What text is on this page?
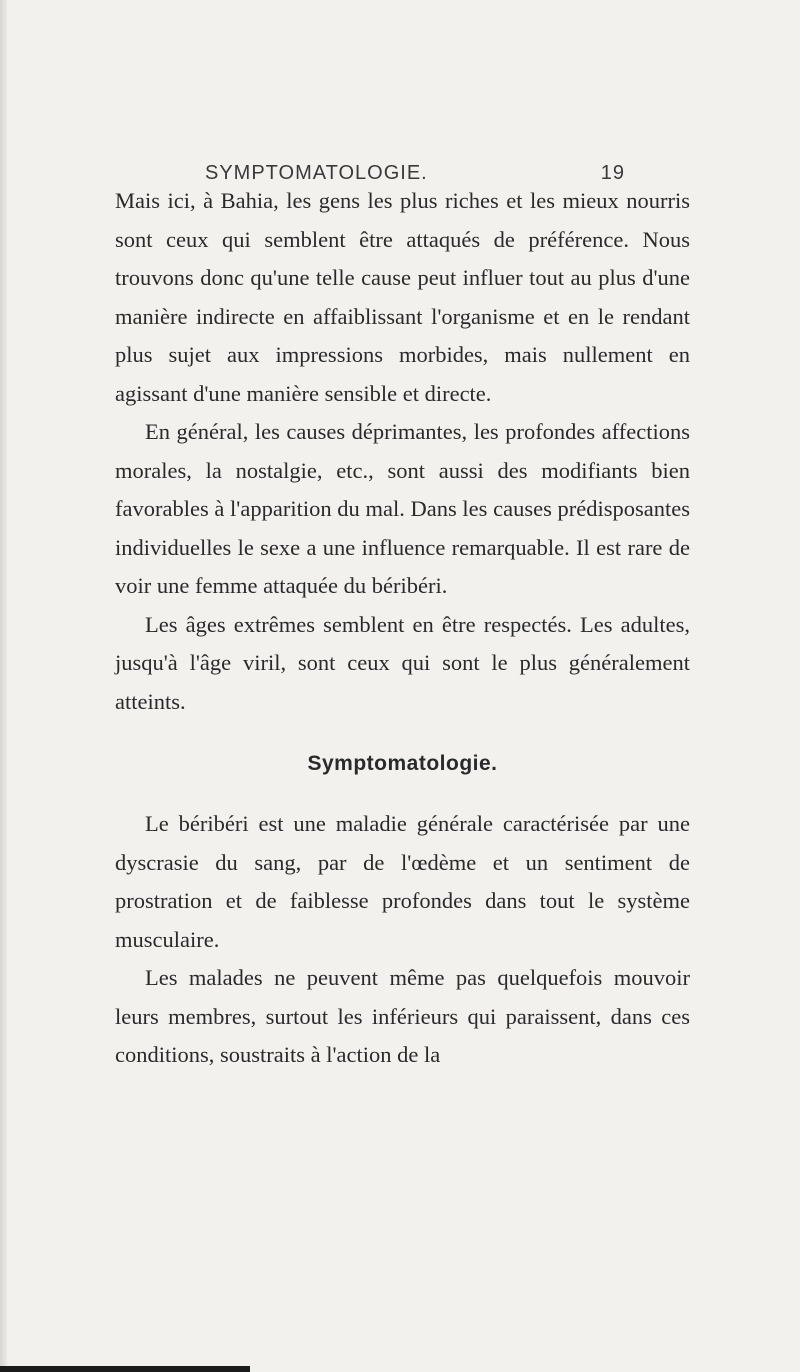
SYMPTOMATOLOGIE.	19

Mais ici, à Bahia, les gens les plus riches et les mieux nourris sont ceux qui semblent être attaqués de préférence. Nous trouvons donc qu'une telle cause peut influer tout au plus d'une manière indirecte en affaiblissant l'organisme et en le rendant plus sujet aux impressions morbides, mais nullement en agissant d'une manière sensible et directe.

En général, les causes déprimantes, les profondes affections morales, la nostalgie, etc., sont aussi des modifiants bien favorables à l'apparition du mal. Dans les causes prédisposantes individuelles le sexe a une influence remarquable. Il est rare de voir une femme attaquée du béribéri.

Les âges extrêmes semblent en être respectés. Les adultes, jusqu'à l'âge viril, sont ceux qui sont le plus généralement atteints.

Symptomatologie.

Le béribéri est une maladie générale caractérisée par une dyscrasie du sang, par de l'œdème et un sentiment de prostration et de faiblesse profondes dans tout le système musculaire.

Les malades ne peuvent même pas quelquefois mouvoir leurs membres, surtout les inférieurs qui paraissent, dans ces conditions, soustraits à l'action de la
